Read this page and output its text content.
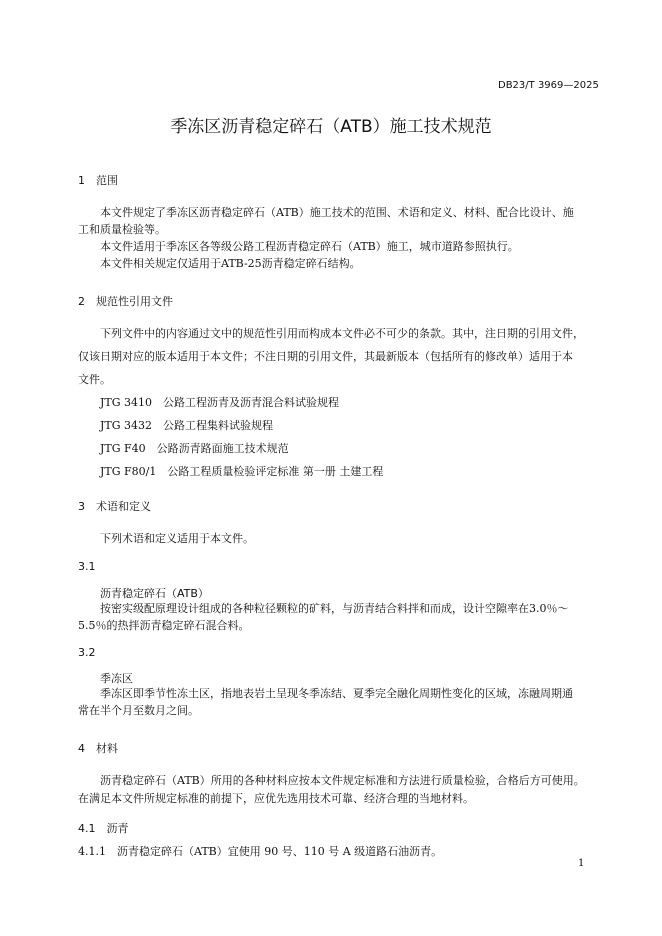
DB23/T 3969—2025
季冻区沥青稳定碎石（ATB）施工技术规范
1　范围
本文件规定了季冻区沥青稳定碎石（ATB）施工技术的范围、术语和定义、材料、配合比设计、施
工和质量检验等。
本文件适用于季冻区各等级公路工程沥青稳定碎石（ATB）施工，城市道路参照执行。
本文件相关规定仅适用于ATB-25沥青稳定碎石结构。
2　规范性引用文件
下列文件中的内容通过文中的规范性引用而构成本文件必不可少的条款。其中，注日期的引用文件，
仅该日期对应的版本适用于本文件；不注日期的引用文件，其最新版本（包括所有的修改单）适用于本
文件。
JTG 3410　公路工程沥青及沥青混合料试验规程
JTG 3432　公路工程集料试验规程
JTG F40　公路沥青路面施工技术规范
JTG F80/1　公路工程质量检验评定标准 第一册 土建工程
3　术语和定义
下列术语和定义适用于本文件。
3.1
沥青稳定碎石（ATB）
按密实级配原理设计组成的各种粒径颗粒的矿料，与沥青结合料拌和而成，设计空隙率在3.0％～
5.5％的热拌沥青稳定碎石混合料。
3.2
季冻区
季冻区即季节性冻土区，指地表岩土呈现冬季冻结、夏季完全融化周期性变化的区域，冻融周期通
常在半个月至数月之间。
4　材料
沥青稳定碎石（ATB）所用的各种材料应按本文件规定标准和方法进行质量检验，合格后方可使用。
在满足本文件所规定标准的前提下，应优先选用技术可靠、经济合理的当地材料。
4.1　沥青
4.1.1　沥青稳定碎石（ATB）宜使用 90 号、110 号 A 级道路石油沥青。
1
